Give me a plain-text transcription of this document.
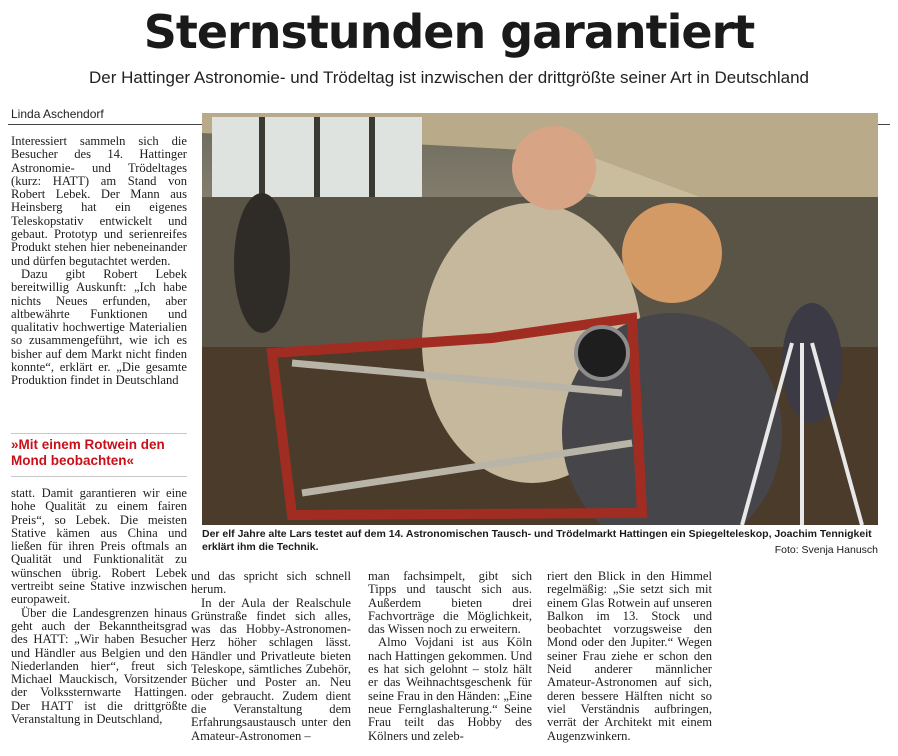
Sternstunden garantiert
Der Hattinger Astronomie- und Trödeltag ist inzwischen der drittgrößte seiner Art in Deutschland
Linda Aschendorf

Interessiert sammeln sich die Besucher des 14. Hattinger Astronomie- und Trödeltages (kurz: HATT) am Stand von Robert Lebek. Der Mann aus Heinsberg hat ein eigenes Teleskopstativ entwickelt und gebaut. Prototyp und serienreifes Produkt stehen hier nebeneinander und dürfen begutachtet werden.

Dazu gibt Robert Lebek bereitwillig Auskunft: „Ich habe nichts Neues erfunden, aber altbewährte Funktionen und qualitativ hochwertige Materialien so zusammengeführt, wie ich es bisher auf dem Markt nicht finden konnte“, erklärt er. „Die gesamte Produktion findet in Deutschland

»Mit einem Rotwein den Mond beobachten«

statt. Damit garantieren wir eine hohe Qualität zu einem fairen Preis“, so Lebek. Die meisten Stative kämen aus China und ließen für ihren Preis oftmals an Qualität und Funktionalität zu wünschen übrig. Robert Lebek vertreibt seine Stative inzwischen europaweit.

Über die Landesgrenzen hinaus geht auch der Bekanntheitsgrad des HATT: „Wir haben Besucher und Händler aus Belgien und den Niederlanden hier“, freut sich Michael Mauckisch, Vorsitzender der Volkssternwarte Hattingen. Der HATT ist die drittgrößte Veranstaltung in Deutschland,

Der elf Jahre alte Lars testet auf dem 14. Astronomischen Tausch- und Trödelmarkt Hattingen ein Spiegelteleskop, Joachim Tennigkeit erklärt ihm die Technik.	Foto: Svenja Hanusch

und das spricht sich schnell herum.

In der Aula der Realschule Grünstraße findet sich alles, was das Hobby-Astronomen-Herz höher schlagen lässt. Händler und Privatleute bieten Teleskope, sämtliches Zubehör, Bücher und Poster an. Neu oder gebraucht. Zudem dient die Veranstaltung dem Erfahrungsaustausch unter den Amateur-Astronomen –

man fachsimpelt, gibt sich Tipps und tauscht sich aus. Außerdem bieten drei Fachvorträge die Möglichkeit, das Wissen noch zu erweitern.

Almo Vojdani ist aus Köln nach Hattingen gekommen. Und es hat sich gelohnt – stolz hält er das Weihnachtsgeschenk für seine Frau in den Händen: „Eine neue Fernglashalterung.“ Seine Frau teilt das Hobby des Kölners und zeleb-

riert den Blick in den Himmel regelmäßig: „Sie setzt sich mit einem Glas Rotwein auf unseren Balkon im 13. Stock und beobachtet vorzugsweise den Mond oder den Jupiter.“ Wegen seiner Frau ziehe er schon den Neid anderer männlicher Amateur-Astronomen auf sich, deren bessere Hälften nicht so viel Verständnis aufbringen, verrät der Architekt mit einem Augenzwinkern.
